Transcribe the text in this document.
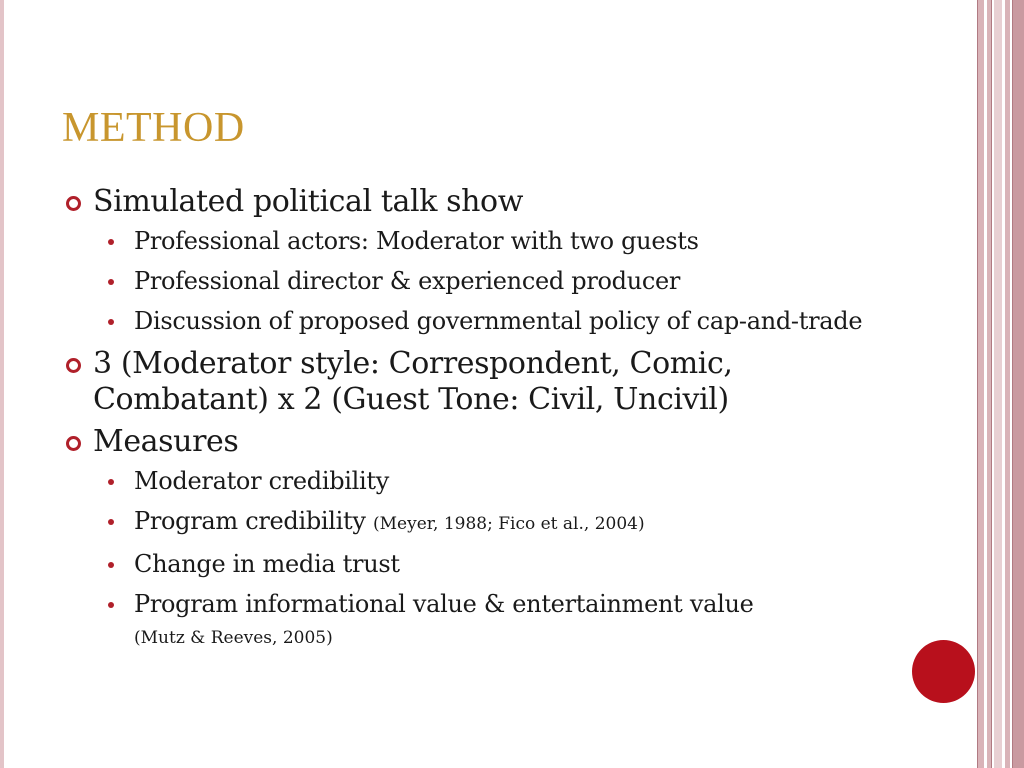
METHOD
Simulated political talk show
Professional actors: Moderator with two guests
Professional director & experienced producer
Discussion of proposed governmental policy of cap-and-trade
3 (Moderator style: Correspondent, Comic, Combatant) x 2 (Guest Tone: Civil, Uncivil)
Measures
Moderator credibility
Program credibility (Meyer, 1988; Fico et al., 2004)
Change in media trust
Program informational value & entertainment value
(Mutz & Reeves, 2005)
